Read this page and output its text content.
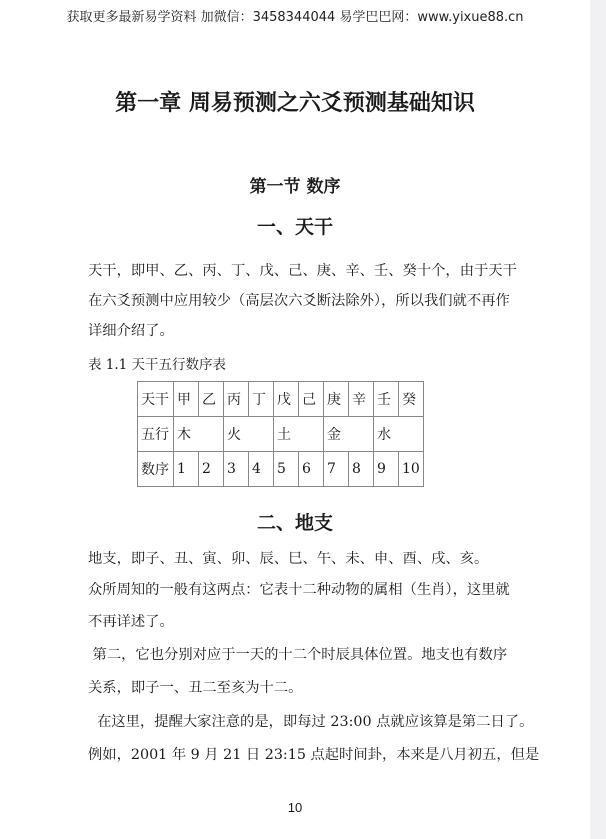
获取更多最新易学资料 加微信：3458344044 易学巴巴网：www.yixue88.cn
第一章 周易预测之六爻预测基础知识
第一节 数序
一、天干
天干，即甲、乙、丙、丁、戊、己、庚、辛、壬、癸十个，由于天干
在六爻预测中应用较少（高层次六爻断法除外），所以我们就不再作
详细介绍了。
表 1.1 天干五行数序表
天干	甲	乙	丙	丁	戊	己	庚	辛	壬	癸
五行	木		火		土		金		水	
数序	1	2	3	4	5	6	7	8	9	10
二、地支
地支，即子、丑、寅、卯、辰、巳、午、未、申、酉、戌、亥。
众所周知的一般有这两点：它表十二种动物的属相（生肖），这里就
不再详述了。
第二，它也分别对应于一天的十二个时辰具体位置。地支也有数序
关系，即子一、丑二至亥为十二。
在这里，提醒大家注意的是，即每过 23:00 点就应该算是第二日了。
例如，2001 年 9 月 21 日 23:15 点起时间卦，本来是八月初五，但是
10
